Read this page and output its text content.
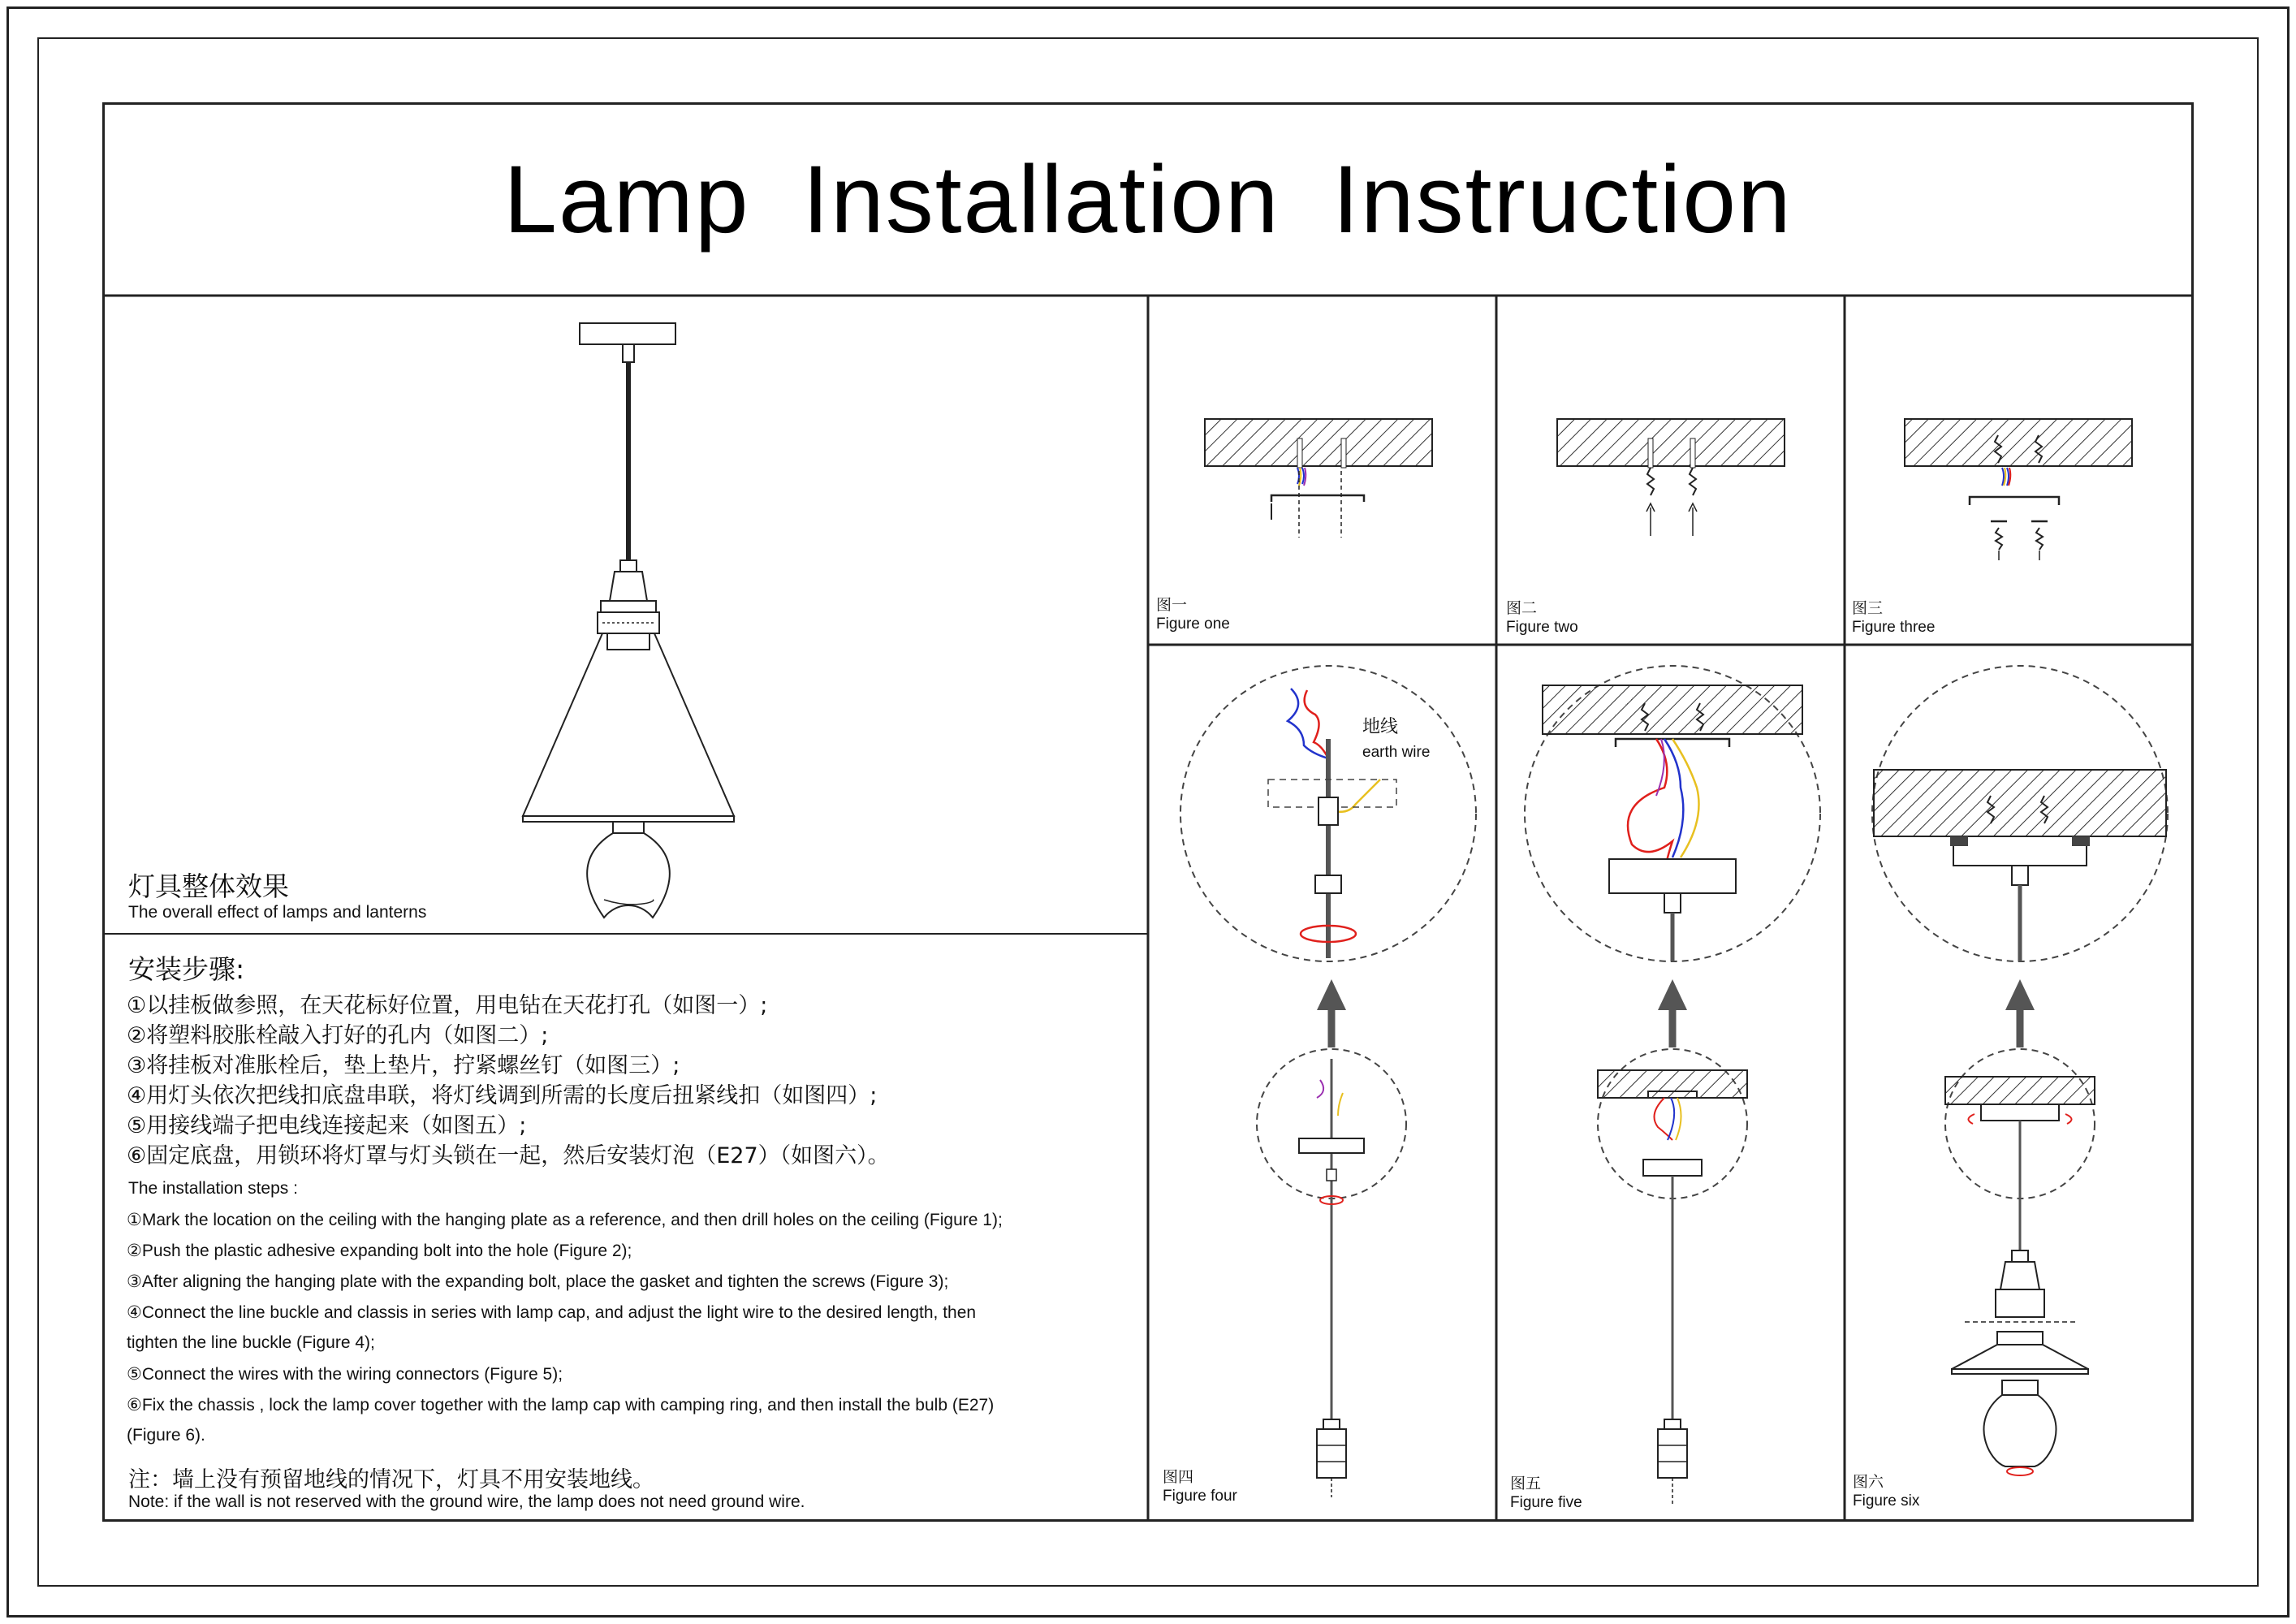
Lamp Installation Instruction
灯具整体效果
The overall effect of lamps and lanterns
安装步骤:
①以挂板做参照，在天花标好位置，用电钻在天花打孔（如图一）;
②将塑料胶胀栓敲入打好的孔内（如图二）;
③将挂板对准胀栓后，垫上垫片，拧紧螺丝钉（如图三）;
④用灯头依次把线扣底盘串联，将灯线调到所需的长度后扭紧线扣（如图四）;
⑤用接线端子把电线连接起来（如图五）;
⑥固定底盘，用锁环将灯罩与灯头锁在一起，然后安装灯泡（E27）（如图六）。
The installation steps :
①Mark the location on the ceiling with the hanging plate as a reference, and then drill holes on the ceiling (Figure 1);
②Push the plastic adhesive expanding bolt into the hole (Figure 2);
③After aligning the hanging plate with the expanding bolt, place the gasket and tighten the screws (Figure 3);
④Connect the line buckle and classis in series with lamp cap, and adjust the light wire to the desired length, then
tighten the line buckle (Figure 4);
⑤Connect the wires with the wiring connectors (Figure 5);
⑥Fix the chassis , lock the lamp cover together with the lamp cap with camping ring, and then install the bulb (E27)
(Figure 6).
注：墙上没有预留地线的情况下，灯具不用安装地线。
Note: if the wall is not reserved with the ground wire, the lamp does not need ground wire.
地线
earth wire
图一
Figure one
图二
Figure two
图三
Figure three
图四
Figure four
图五
Figure five
图六
Figure six
